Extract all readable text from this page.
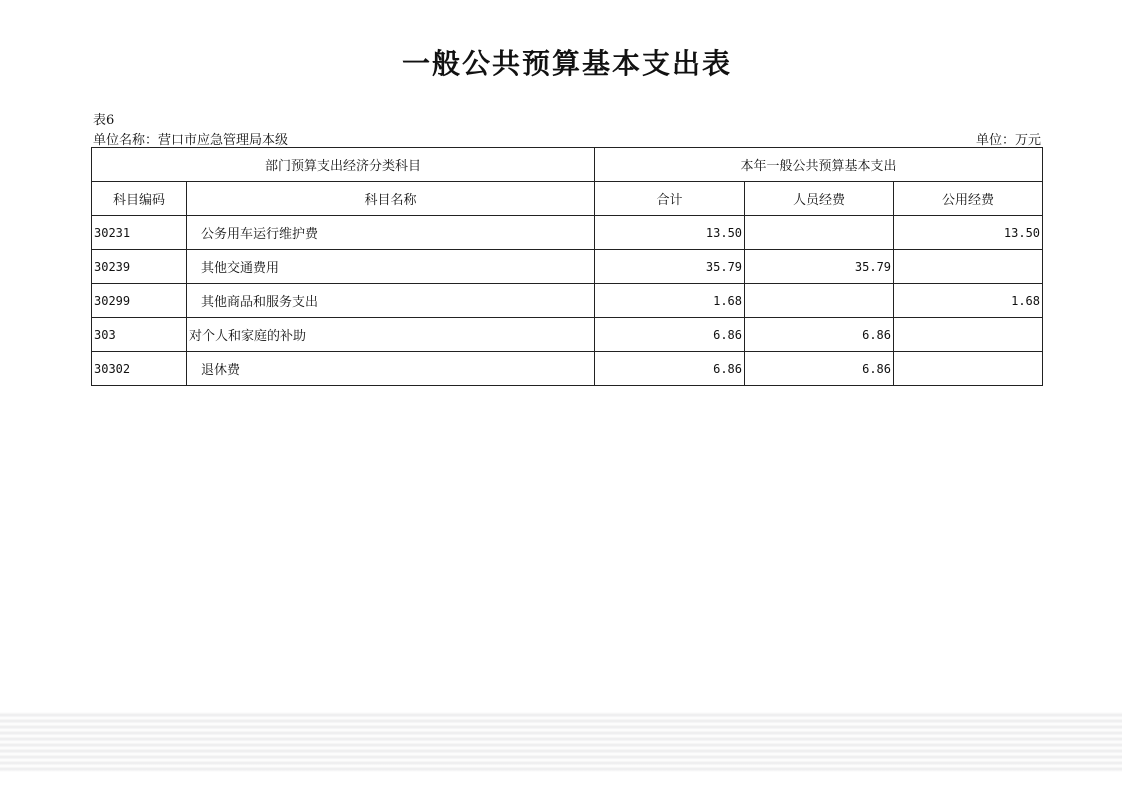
一般公共预算基本支出表
表6
单位名称：营口市应急管理局本级	单位：万元
部门预算支出经济分类科目		本年一般公共预算基本支出		
科目编码	科目名称	合计	人员经费	公用经费
30231	公务用车运行维护费	13.50		13.50
30239	其他交通费用	35.79	35.79	
30299	其他商品和服务支出	1.68		1.68
303	对个人和家庭的补助	6.86	6.86	
30302	退休费	6.86	6.86	
